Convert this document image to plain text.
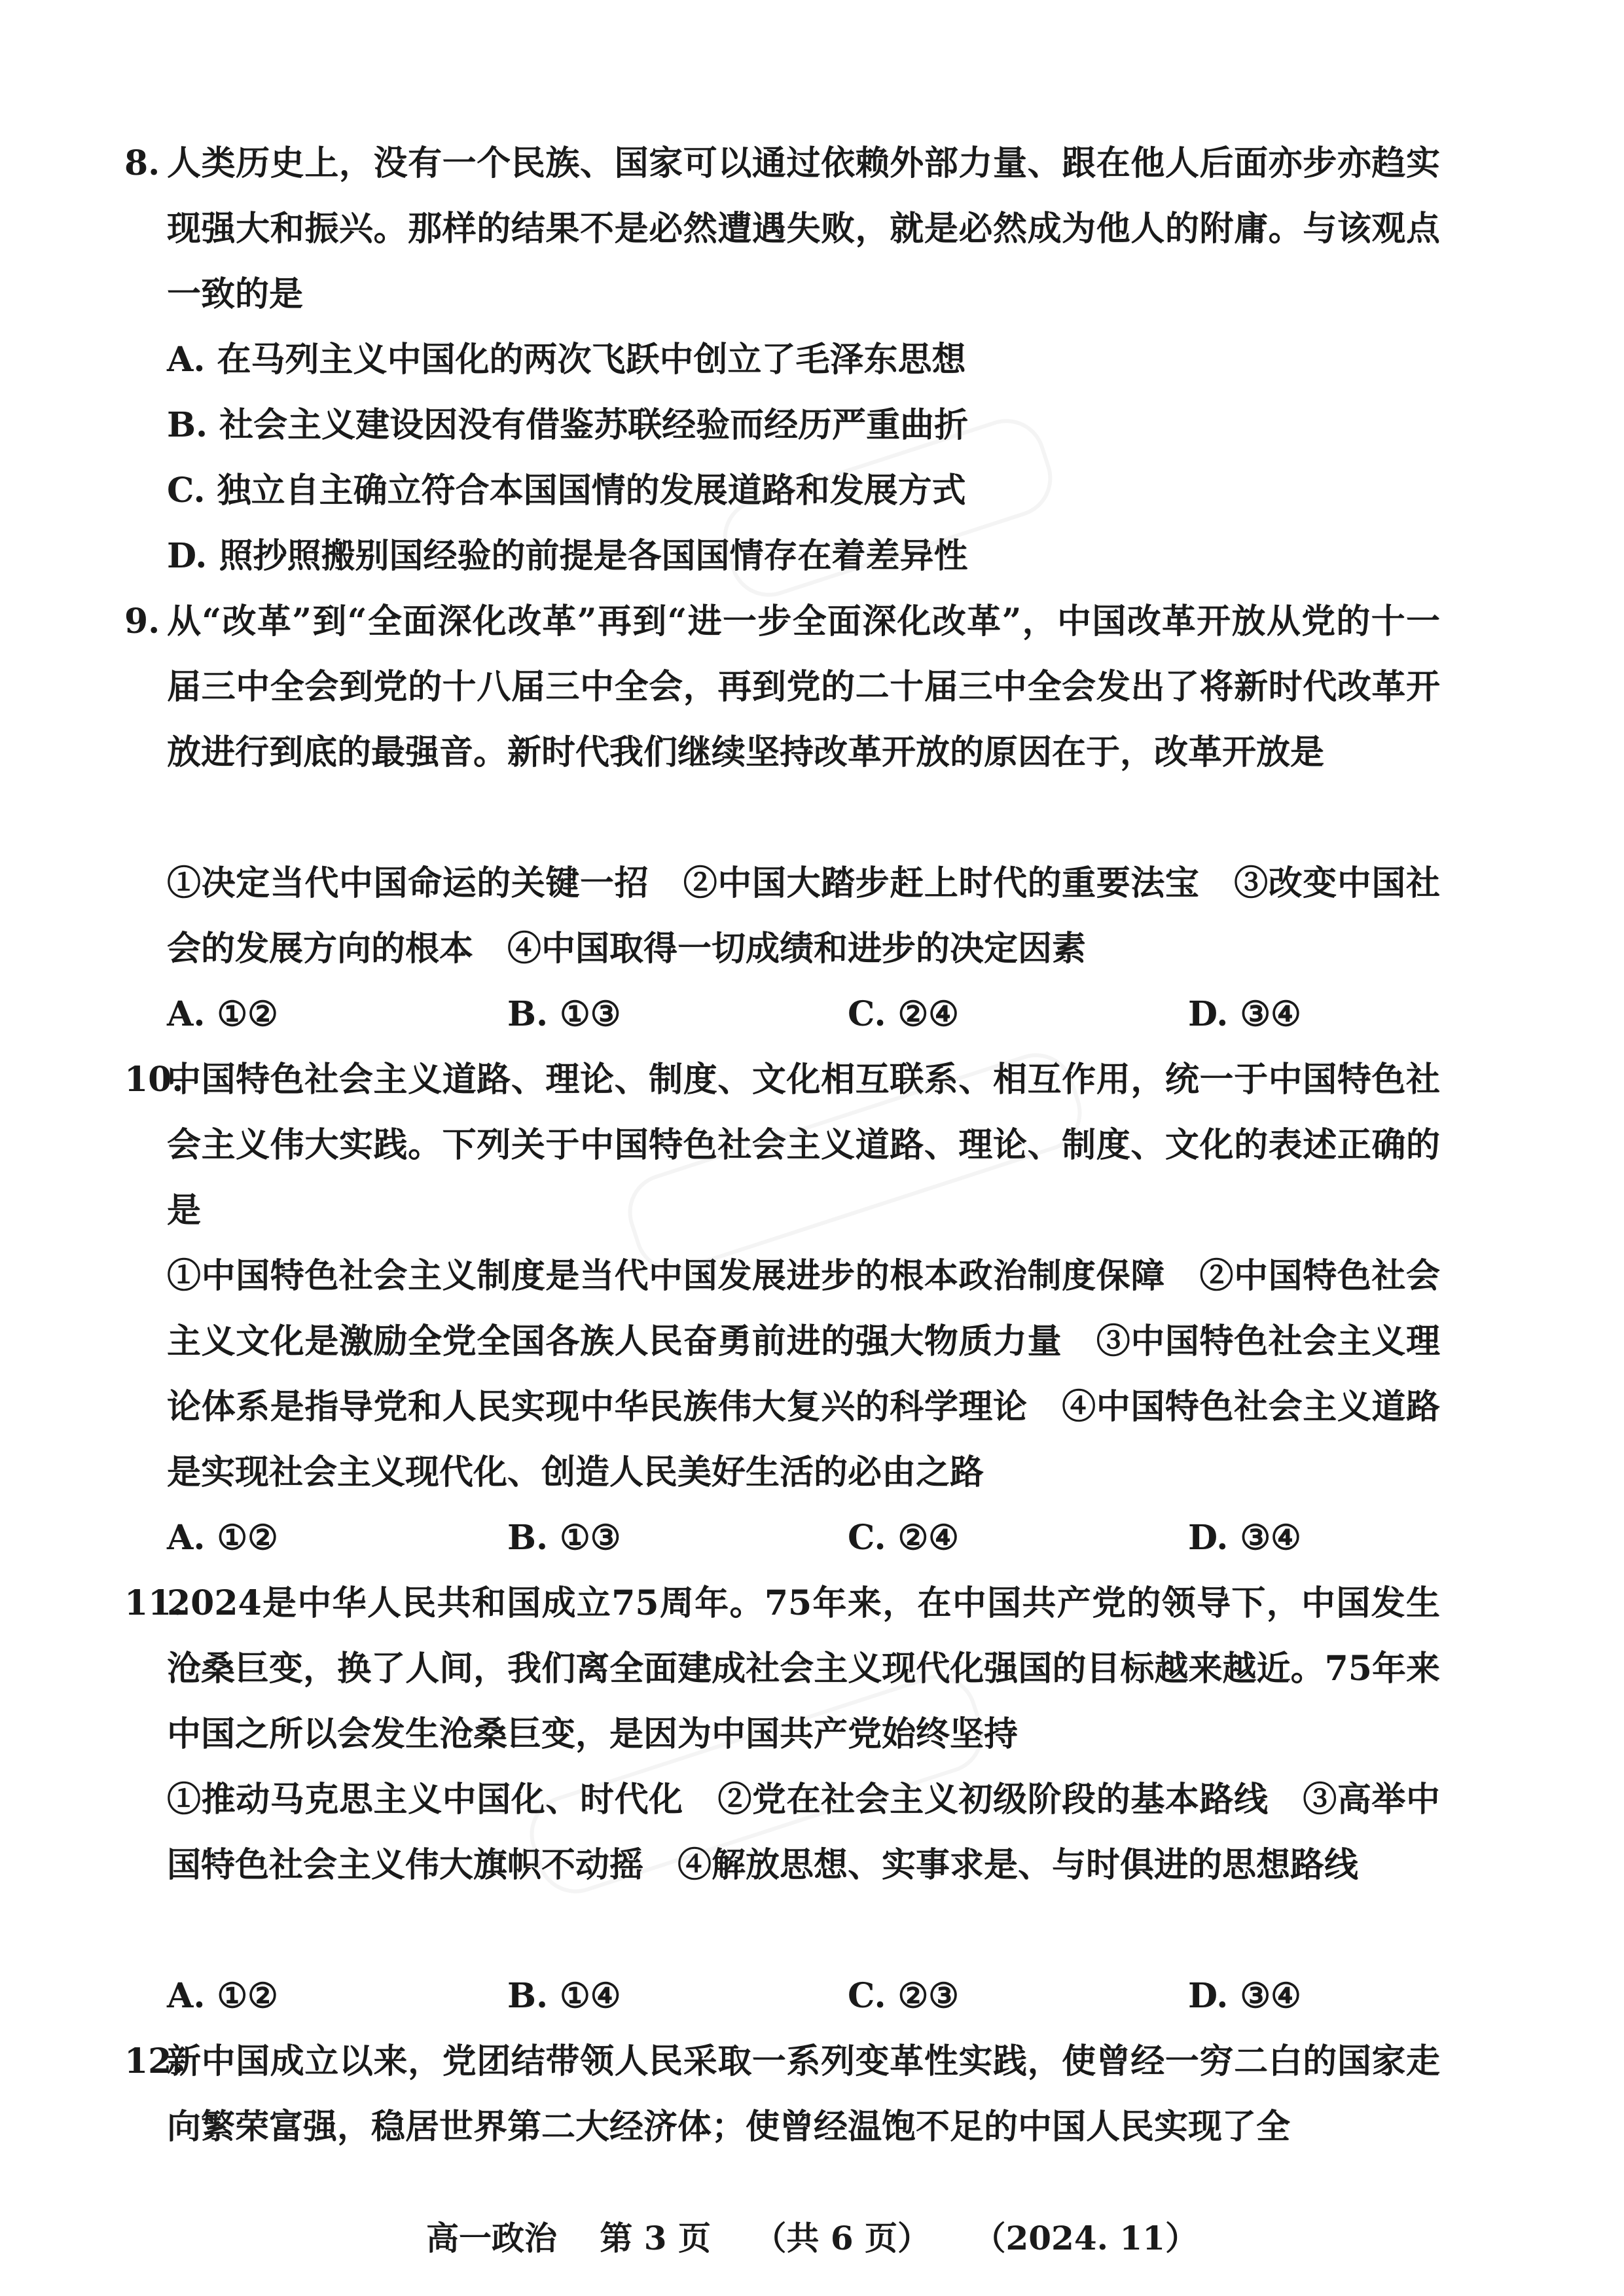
8. 人类历史上，没有一个民族、国家可以通过依赖外部力量、跟在他人后面亦步亦趋实现强大和振兴。那样的结果不是必然遭遇失败，就是必然成为他人的附庸。与该观点一致的是

A. 在马列主义中国化的两次飞跃中创立了毛泽东思想

B. 社会主义建设因没有借鉴苏联经验而经历严重曲折

C. 独立自主确立符合本国国情的发展道路和发展方式

D. 照抄照搬别国经验的前提是各国国情存在着差异性

9. 从“改革”到“全面深化改革”再到“进一步全面深化改革”，中国改革开放从党的十一届三中全会到党的十八届三中全会，再到党的二十届三中全会发出了将新时代改革开放进行到底的最强音。新时代我们继续坚持改革开放的原因在于，改革开放是

①决定当代中国命运的关键一招　②中国大踏步赶上时代的重要法宝　③改变中国社会的发展方向的根本　④中国取得一切成绩和进步的决定因素

A. ①②	B. ①③	C. ②④	D. ③④
10.

中国特色社会主义道路、理论、制度、文化相互联系、相互作用，统一于中国特色社会主义伟大实践。下列关于中国特色社会主义道路、理论、制度、文化的表述正确的是

①中国特色社会主义制度是当代中国发展进步的根本政治制度保障　②中国特色社会主义文化是激励全党全国各族人民奋勇前进的强大物质力量　③中国特色社会主义理论体系是指导党和人民实现中华民族伟大复兴的科学理论　④中国特色社会主义道路是实现社会主义现代化、创造人民美好生活的必由之路

A. ①②	B. ①③	C. ②④	D. ③④
11.

2024是中华人民共和国成立75周年。75年来，在中国共产党的领导下，中国发生沧桑巨变，换了人间，我们离全面建成社会主义现代化强国的目标越来越近。75年来中国之所以会发生沧桑巨变，是因为中国共产党始终坚持

①推动马克思主义中国化、时代化　②党在社会主义初级阶段的基本路线　③高举中国特色社会主义伟大旗帜不动摇　④解放思想、实事求是、与时俱进的思想路线

A. ①②	B. ①④	C. ②③	D. ③④
12.

新中国成立以来，党团结带领人民采取一系列变革性实践，使曾经一穷二白的国家走向繁荣富强，稳居世界第二大经济体；使曾经温饱不足的中国人民实现了全

高一政治 第 3 页 （共 6 页） （2024. 11）
